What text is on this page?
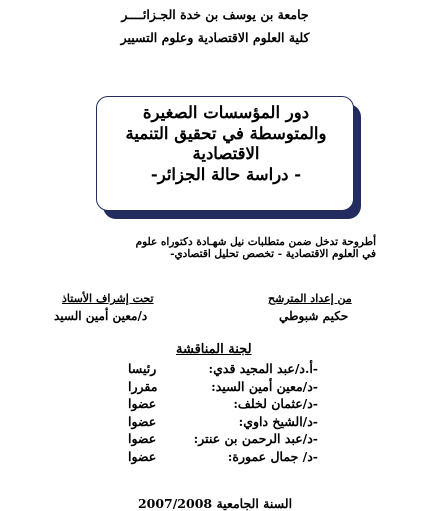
جامعة بن يوسف بن خدة الجـزائــــر
كلية العلوم الاقتصادية وعلوم التسيير
دور المؤسسات الصغيرة
والمتوسطة في تحقيق التنمية
الاقتصادية
- دراسة حالة الجزائر-
أطروحة تدخل ضمن متطلبات نيل شهـادة دكتوراه علوم
في العلوم الاقتصادية - تخصص تحليل اقتصادي-
تحت إشراف الأستاذ
د/معين أمين السيد
من إعداد المترشح
حكيم شبوطي
لجنة المناقشة
-أ.د/عبد المجيد قدي:
رئيسا
-د/معين أمين السيد:
مقررا
-د/عثمان لخلف:
عضوا
-د/الشيخ داوي:
عضوا
-د/عبد الرحمن بن عنتر:
عضوا
-د/ جمال عمورة:
عضوا
السنة الجامعية 2007/2008
